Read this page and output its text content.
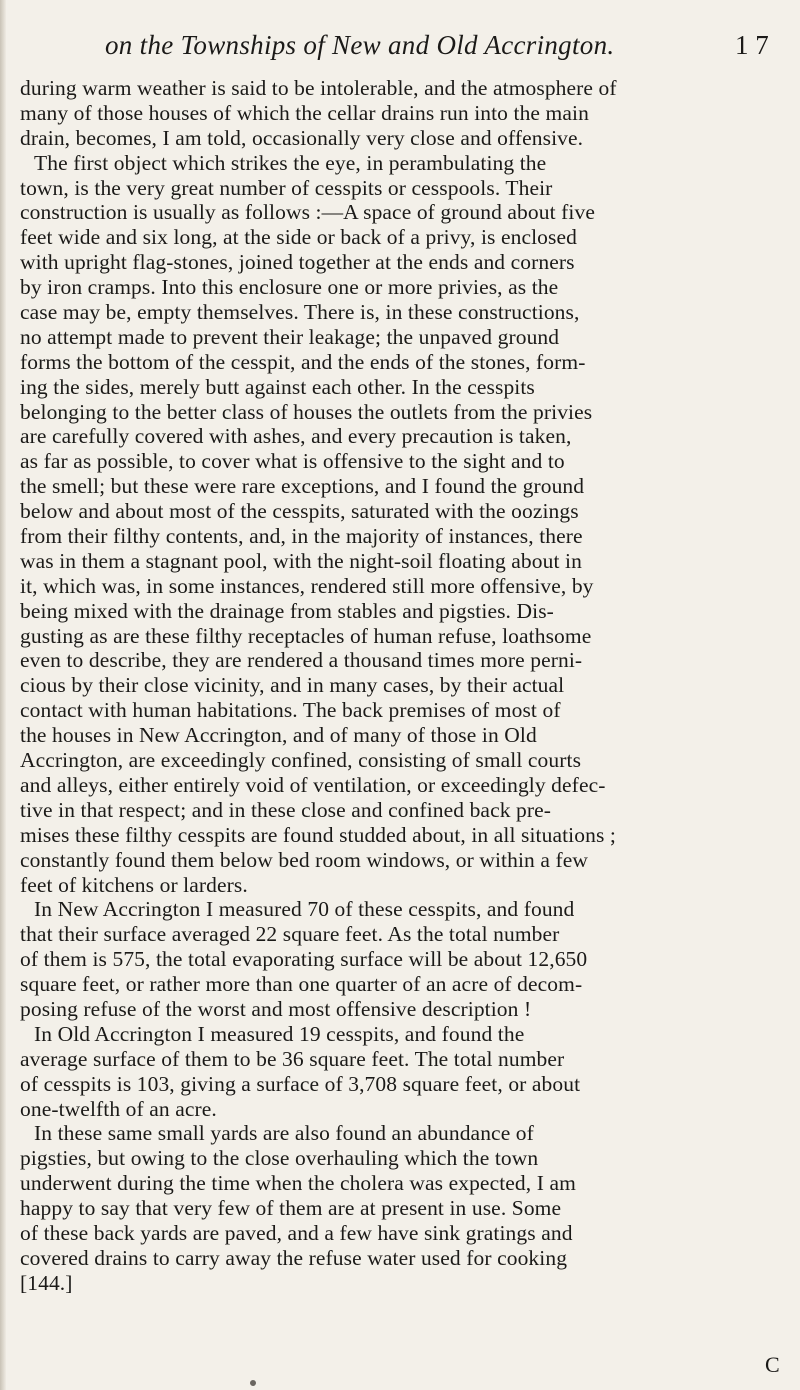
on the Townships of New and Old Accrington.	1 7
during warm weather is said to be intolerable, and the atmosphere of
many of those houses of which the cellar drains run into the main
drain, becomes, I am told, occasionally very close and offensive.
The first object which strikes the eye, in perambulating the
town, is the very great number of cesspits or cesspools. Their
construction is usually as follows :—A space of ground about five
feet wide and six long, at the side or back of a privy, is enclosed
with upright flag-stones, joined together at the ends and corners
by iron cramps. Into this enclosure one or more privies, as the
case may be, empty themselves. There is, in these constructions,
no attempt made to prevent their leakage; the unpaved ground
forms the bottom of the cesspit, and the ends of the stones, form-
ing the sides, merely butt against each other. In the cesspits
belonging to the better class of houses the outlets from the privies
are carefully covered with ashes, and every precaution is taken,
as far as possible, to cover what is offensive to the sight and to
the smell; but these were rare exceptions, and I found the ground
below and about most of the cesspits, saturated with the oozings
from their filthy contents, and, in the majority of instances, there
was in them a stagnant pool, with the night-soil floating about in
it, which was, in some instances, rendered still more offensive, by
being mixed with the drainage from stables and pigsties. Dis-
gusting as are these filthy receptacles of human refuse, loathsome
even to describe, they are rendered a thousand times more perni-
cious by their close vicinity, and in many cases, by their actual
contact with human habitations. The back premises of most of
the houses in New Accrington, and of many of those in Old
Accrington, are exceedingly confined, consisting of small courts
and alleys, either entirely void of ventilation, or exceedingly defec-
tive in that respect; and in these close and confined back pre-
mises these filthy cesspits are found studded about, in all situations ;
constantly found them below bed room windows, or within a few
feet of kitchens or larders.
In New Accrington I measured 70 of these cesspits, and found
that their surface averaged 22 square feet. As the total number
of them is 575, the total evaporating surface will be about 12,650
square feet, or rather more than one quarter of an acre of decom-
posing refuse of the worst and most offensive description !
In Old Accrington I measured 19 cesspits, and found the
average surface of them to be 36 square feet. The total number
of cesspits is 103, giving a surface of 3,708 square feet, or about
one-twelfth of an acre.
In these same small yards are also found an abundance of
pigsties, but owing to the close overhauling which the town
underwent during the time when the cholera was expected, I am
happy to say that very few of them are at present in use. Some
of these back yards are paved, and a few have sink gratings and
covered drains to carry away the refuse water used for cooking
[144.]
C
